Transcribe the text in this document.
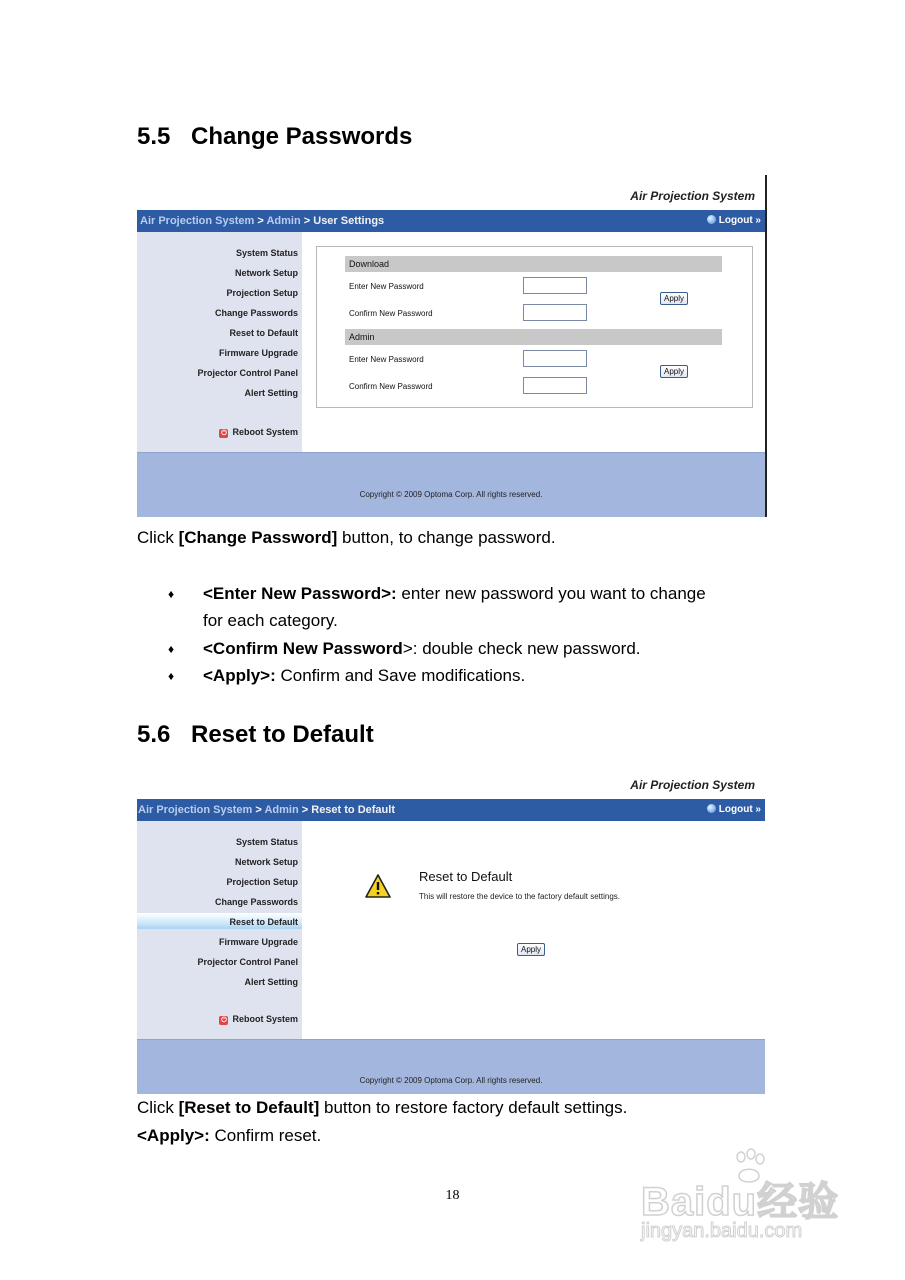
5.5 Change Passwords
Air Projection System
Air Projection System > Admin > User Settings	Logout »
System Status
Network Setup
Projection Setup
Change Passwords
Reset to Default
Firmware Upgrade
Projector Control Panel
Alert Setting
⏻ Reboot System
Download
Enter New Password
Confirm New Password
Apply
Admin
Enter New Password
Confirm New Password
Apply
Copyright © 2009 Optoma Corp. All rights reserved.

Click [Change Password] button, to change password.

♦ <Enter New Password>: enter new password you want to change
for each category.

♦ <Confirm New Password>: double check new password.

♦ <Apply>: Confirm and Save modifications.

5.6 Reset to Default
Air Projection System
Air Projection System > Admin > Reset to Default	Logout »
System Status
Network Setup
Projection Setup
Change Passwords
Reset to Default
Firmware Upgrade
Projector Control Panel
Alert Setting
⏻ Reboot System
Reset to Default
This will restore the device to the factory default settings.
Apply
Copyright © 2009 Optoma Corp. All rights reserved.

Click [Reset to Default] button to restore factory default settings.

<Apply>: Confirm reset.

18	Baidu经验
jingyan.baidu.com
